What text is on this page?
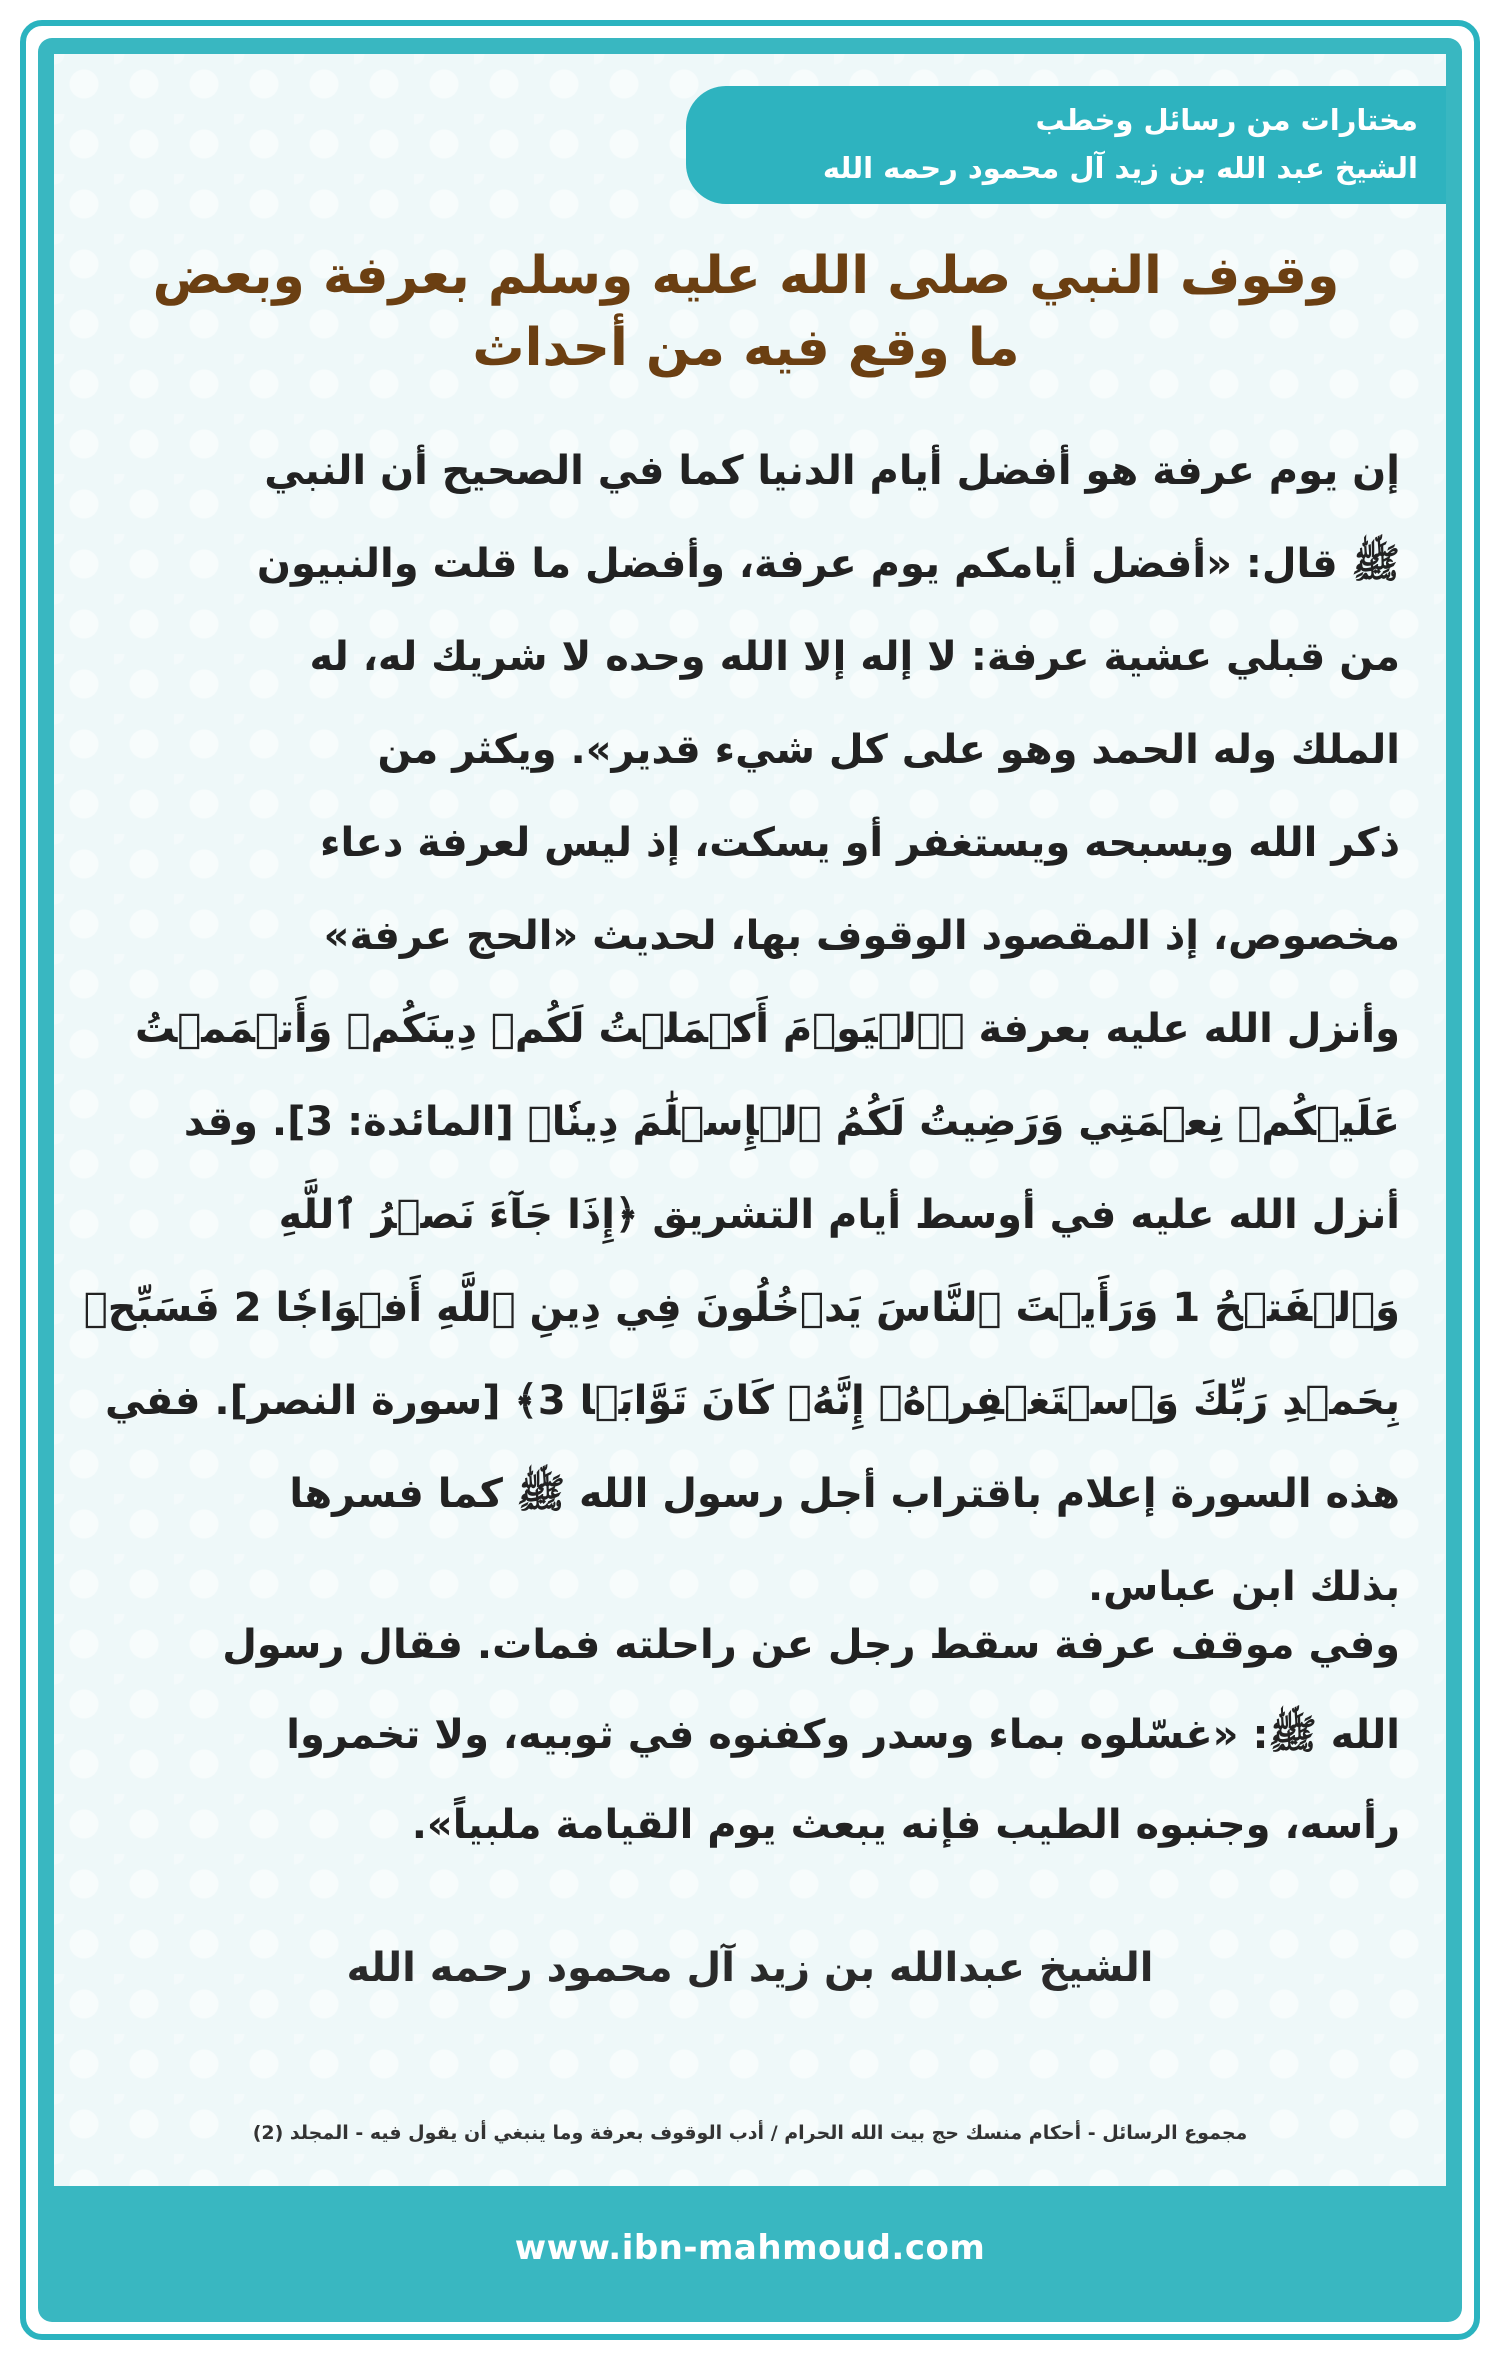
مختارات من رسائل وخطب
الشيخ عبد الله بن زيد آل محمود رحمه الله
وقوف النبي صلى الله عليه وسلم بعرفة وبعض
ما وقع فيه من أحداث
إن يوم عرفة هو أفضل أيام الدنيا كما في الصحيح أن النبي
ﷺ قال: «أفضل أيامكم يوم عرفة، وأفضل ما قلت والنبيون
من قبلي عشية عرفة: لا إله إلا الله وحده لا شريك له، له
الملك وله الحمد وهو على كل شيء قدير». ويكثر من
ذكر الله ويسبحه ويستغفر أو يسكت، إذ ليس لعرفة دعاء
مخصوص، إذ المقصود الوقوف بها، لحديث «الحج عرفة»
وأنزل الله عليه بعرفة ﴿ٱلۡيَوۡمَ أَكۡمَلۡتُ لَكُمۡ دِينَكُمۡ وَأَتۡمَمۡتُ
عَلَيۡكُمۡ نِعۡمَتِي وَرَضِيتُ لَكُمُ ٱلۡإِسۡلَٰمَ دِينٗا﴾ [المائدة: 3]. وقد
أنزل الله عليه في أوسط أيام التشريق ﴿إِذَا جَآءَ نَصۡرُ ٱللَّهِ
وَٱلۡفَتۡحُ 1 وَرَأَيۡتَ ٱلنَّاسَ يَدۡخُلُونَ فِي دِينِ ٱللَّهِ أَفۡوَاجٗا 2 فَسَبِّحۡ
بِحَمۡدِ رَبِّكَ وَٱسۡتَغۡفِرۡهُۚ إِنَّهُۥ كَانَ تَوَّابَۢا 3﴾ [سورة النصر]. ففي
هذه السورة إعلام باقتراب أجل رسول الله ﷺ كما فسرها
بذلك ابن عباس.
وفي موقف عرفة سقط رجل عن راحلته فمات. فقال رسول
الله ﷺ: «غسّلوه بماء وسدر وكفنوه في ثوبيه، ولا تخمروا
رأسه، وجنبوه الطيب فإنه يبعث يوم القيامة ملبياً».
الشيخ عبدالله بن زيد آل محمود رحمه الله
مجموع الرسائل - أحكام منسك حج بيت الله الحرام / أدب الوقوف بعرفة وما ينبغي أن يقول فيه - المجلد (2)
www.ibn-mahmoud.com
